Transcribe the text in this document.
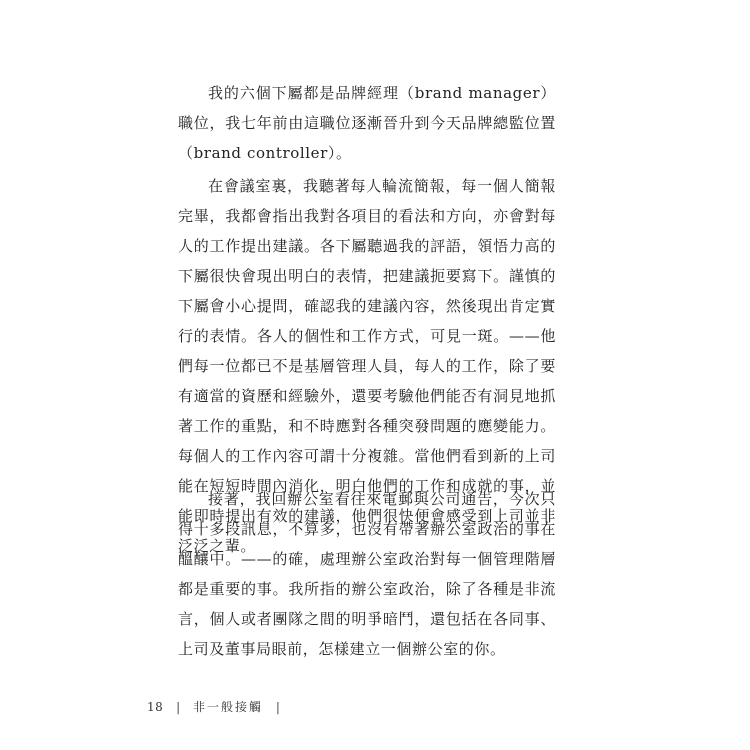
我的六個下屬都是品牌經理（brand manager）職位，我七年前由這職位逐漸晉升到今天品牌總監位置（brand controller）。

在會議室裏，我聽著每人輪流簡報，每一個人簡報完畢，我都會指出我對各項目的看法和方向，亦會對每人的工作提出建議。各下屬聽過我的評語，領悟力高的下屬很快會現出明白的表情，把建議扼要寫下。謹慎的下屬會小心提問，確認我的建議內容，然後現出肯定實行的表情。各人的個性和工作方式，可見一斑。——他們每一位都已不是基層管理人員，每人的工作，除了要有適當的資歷和經驗外，還要考驗他們能否有洞見地抓著工作的重點，和不時應對各種突發問題的應變能力。每個人的工作內容可謂十分複雜。當他們看到新的上司能在短短時間內消化，明白他們的工作和成就的事，並能即時提出有效的建議，他們很快便會感受到上司並非泛泛之輩。

接著，我回辦公室看往來電郵與公司通告，今次只得十多段訊息，不算多，也沒有帶著辦公室政治的事在醞釀中。——的確，處理辦公室政治對每一個管理階層都是重要的事。我所指的辦公室政治，除了各種是非流言，個人或者團隊之間的明爭暗鬥，還包括在各同事、上司及董事局眼前，怎樣建立一個辦公室的你。

18 | 非一般接觸 |
